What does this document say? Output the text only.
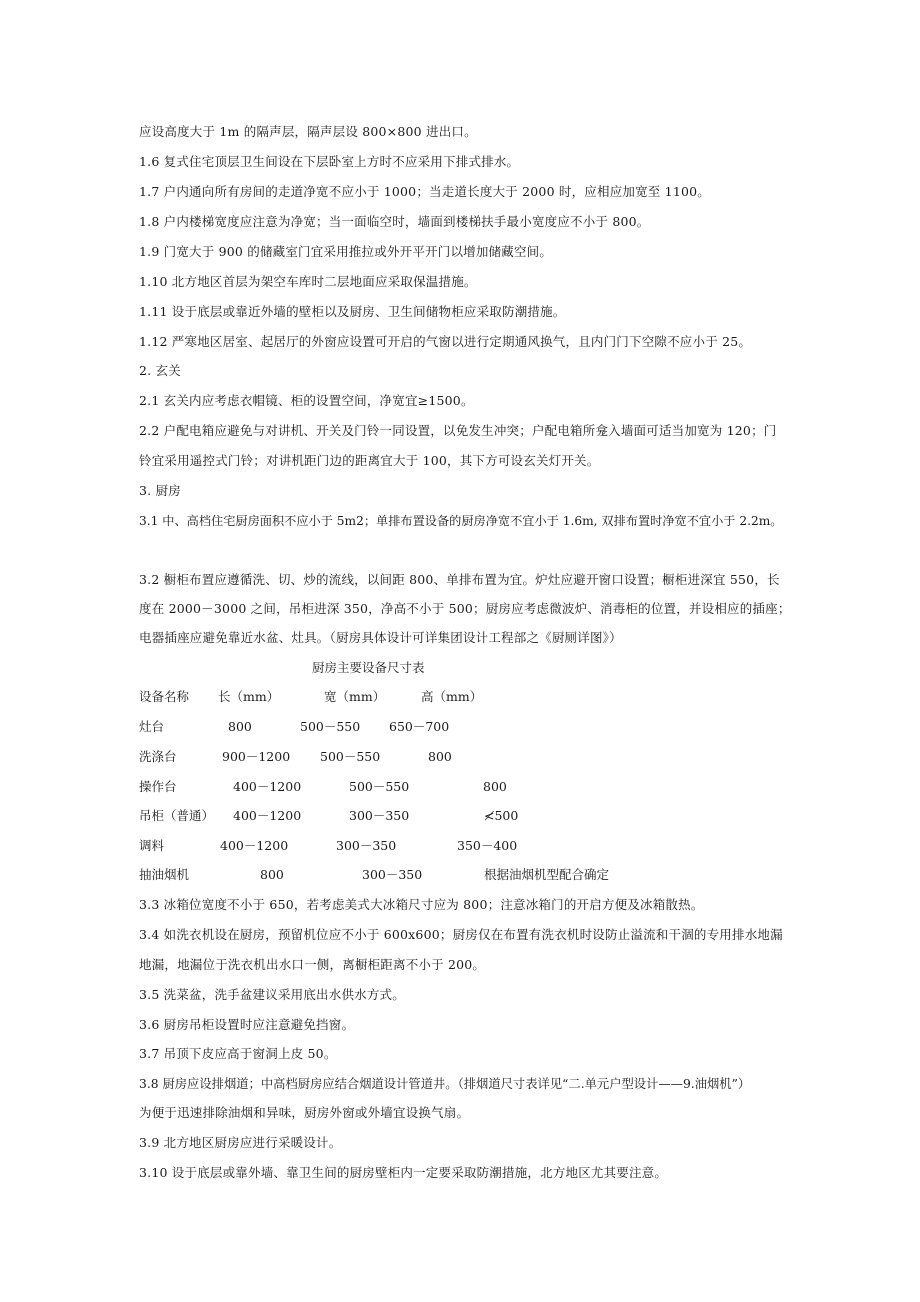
应设高度大于 1m 的隔声层，隔声层设 800×800 进出口。
1.6 复式住宅顶层卫生间设在下层卧室上方时不应采用下排式排水。
1.7 户内通向所有房间的走道净宽不应小于 1000；当走道长度大于 2000 时，应相应加宽至 1100。
1.8 户内楼梯宽度应注意为净宽；当一面临空时，墙面到楼梯扶手最小宽度应不小于 800。
1.9 门宽大于 900 的储藏室门宜采用推拉或外开平开门以增加储藏空间。
1.10 北方地区首层为架空车库时二层地面应采取保温措施。
1.11 设于底层或靠近外墙的壁柜以及厨房、卫生间储物柜应采取防潮措施。
1.12 严寒地区居室、起居厅的外窗应设置可开启的气窗以进行定期通风换气，且内门门下空隙不应小于 25。
2. 玄关
2.1 玄关内应考虑衣帽镜、柜的设置空间，净宽宜≥1500。
2.2 户配电箱应避免与对讲机、开关及门铃一同设置，以免发生冲突；户配电箱所龛入墙面可适当加宽为 120；门
铃宜采用遥控式门铃；对讲机距门边的距离宜大于 100，其下方可设玄关灯开关。
3. 厨房
3.1 中、高档住宅厨房面积不应小于 5m2；单排布置设备的厨房净宽不宜小于 1.6m, 双排布置时净宽不宜小于 2.2m。
3.2 橱柜布置应遵循洗、切、炒的流线，以间距 800、单排布置为宜。炉灶应避开窗口设置；橱柜进深宜 550，长
度在 2000－3000 之间，吊柜进深 350，净高不小于 500；厨房应考虑微波炉、消毒柜的位置，并设相应的插座；
电器插座应避免靠近水盆、灶具。（厨房具体设计可详集团设计工程部之《厨厕详图》）
厨房主要设备尺寸表
设备名称 长（mm）	宽（mm）	高（mm）
灶台	800	500－550 650－700
洗涤台	900－1200 500－550	800
操作台	400－1200	500－550	800
吊柜（普通） 400－1200	300－350	≮500
调料	400－1200	300－350	350－400
抽油烟机	800	300－350	根据油烟机型配合确定
3.3 冰箱位宽度不小于 650，若考虑美式大冰箱尺寸应为 800；注意冰箱门的开启方便及冰箱散热。
3.4 如洗衣机设在厨房，预留机位应不小于 600x600；厨房仅在布置有洗衣机时设防止溢流和干涸的专用排水地漏
地漏，地漏位于洗衣机出水口一侧，离橱柜距离不小于 200。
3.5 洗菜盆，洗手盆建议采用底出水供水方式。
3.6 厨房吊柜设置时应注意避免挡窗。
3.7 吊顶下皮应高于窗洞上皮 50。
3.8 厨房应设排烟道；中高档厨房应结合烟道设计管道井。（排烟道尺寸表详见“二.单元户型设计——9.油烟机”）
为便于迅速排除油烟和异味，厨房外窗或外墙宜设换气扇。
3.9 北方地区厨房应进行采暖设计。
3.10 设于底层或靠外墙、靠卫生间的厨房壁柜内一定要采取防潮措施，北方地区尤其要注意。
